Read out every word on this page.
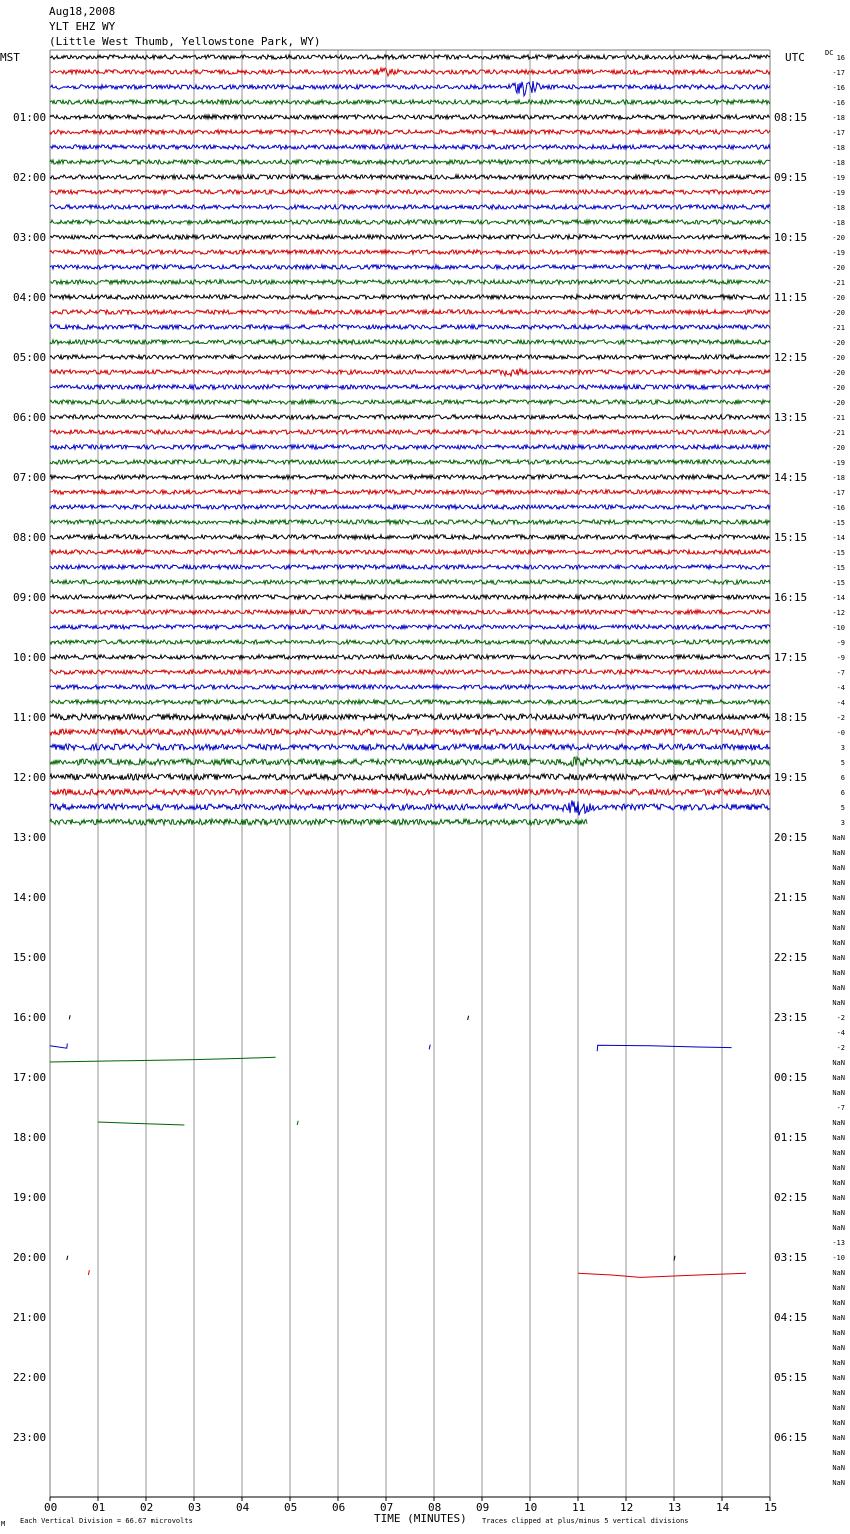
Aug18,2008
YLT EHZ WY
(Little West Thumb, Yellowstone Park, WY)
MST	UTC	DC
TIME (MINUTES)
Each Vertical Division = 66.67 microvolts	Traces clipped at plus/minus 5 vertical divisions
M
00	01	02	03	04	05	06	07	08	09	10	11	12	13	14	15
01:00
02:00
03:00
04:00
05:00
06:00
07:00
08:00
09:00
10:00
11:00
12:00
13:00
14:00
15:00
16:00
17:00
18:00
19:00
20:00
21:00
22:00
23:00
08:15
09:15
10:15
11:15
12:15
13:15
14:15
15:15
16:15
17:15
18:15
19:15
20:15
21:15
22:15
23:15
00:15
01:15
02:15
03:15
04:15
05:15
06:15
16
-17
-16
-16
-18
-17
-18
-18
-19
-19
-18
-18
-20
-19
-20
-21
-20
-20
-21
-20
-20
-20
-20
-20
-21
-21
-20
-19
-18
-17
-16
-15
-14
-15
-15
-15
-14
-12
-10
-9
-9
-7
-4
-4
-2
-0
3
5
6
6
5
3
NaN
NaN
NaN
NaN
NaN
NaN
NaN
NaN
NaN
NaN
NaN
NaN
-2
-4
-2
NaN
NaN
NaN
-7
NaN
NaN
NaN
NaN
NaN
NaN
NaN
NaN
-13
-10
NaN
NaN
NaN
NaN
NaN
NaN
NaN
NaN
NaN
NaN
NaN
NaN
NaN
NaN
NaN
